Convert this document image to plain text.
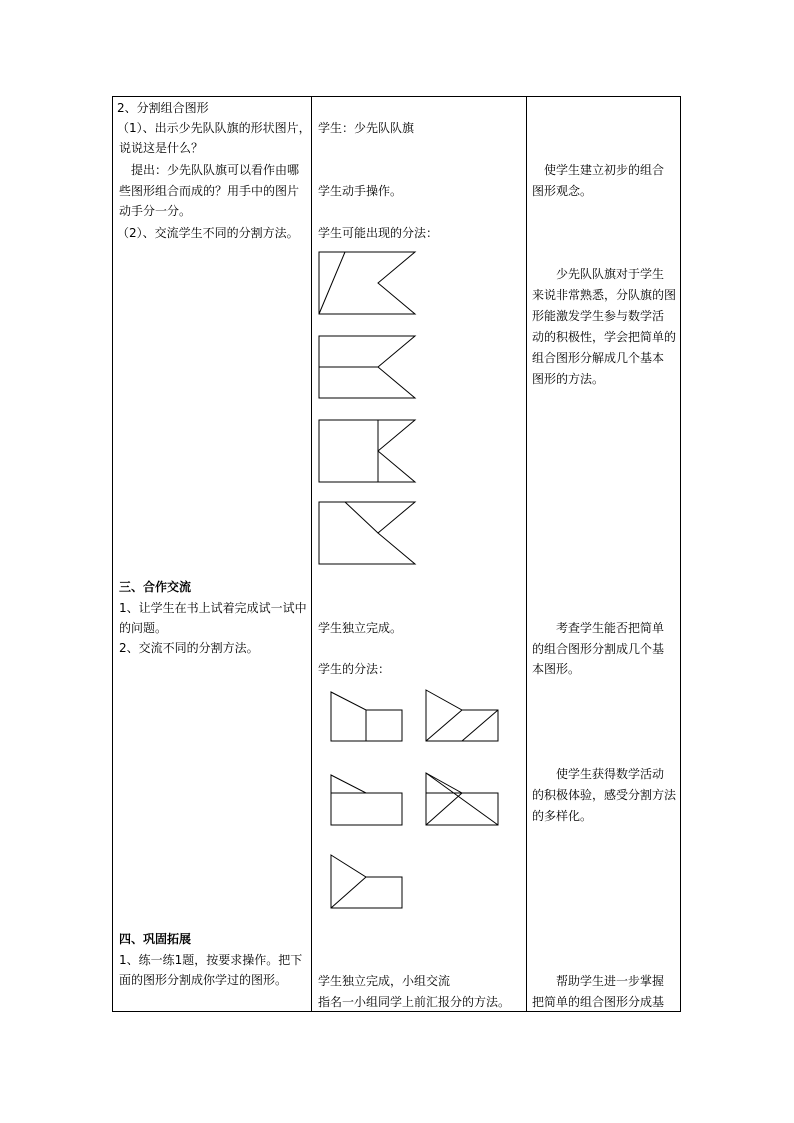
2、分割组合图形
（1）、出示少先队队旗的形状图片，
说说这是什么？
　提出：少先队队旗可以看作由哪
些图形组合而成的？用手中的图片
动手分一分。
（2）、交流学生不同的分割方法。
三、合作交流
1、让学生在书上试着完成试一试中
的问题。
2、交流不同的分割方法。
四、巩固拓展
1、练一练1题，按要求操作。把下
面的图形分割成你学过的图形。
学生：少先队队旗
学生动手操作。
学生可能出现的分法：
学生独立完成。
学生的分法：
学生独立完成，小组交流
指名一小组同学上前汇报分的方法。
　使学生建立初步的组合
图形观念。
　　少先队队旗对于学生
来说非常熟悉，分队旗的图
形能激发学生参与数学活
动的积极性，学会把简单的
组合图形分解成几个基本
图形的方法。
　　考查学生能否把简单
的组合图形分割成几个基
本图形。
　　使学生获得数学活动
的积极体验，感受分割方法
的多样化。
　　帮助学生进一步掌握
把简单的组合图形分成基
